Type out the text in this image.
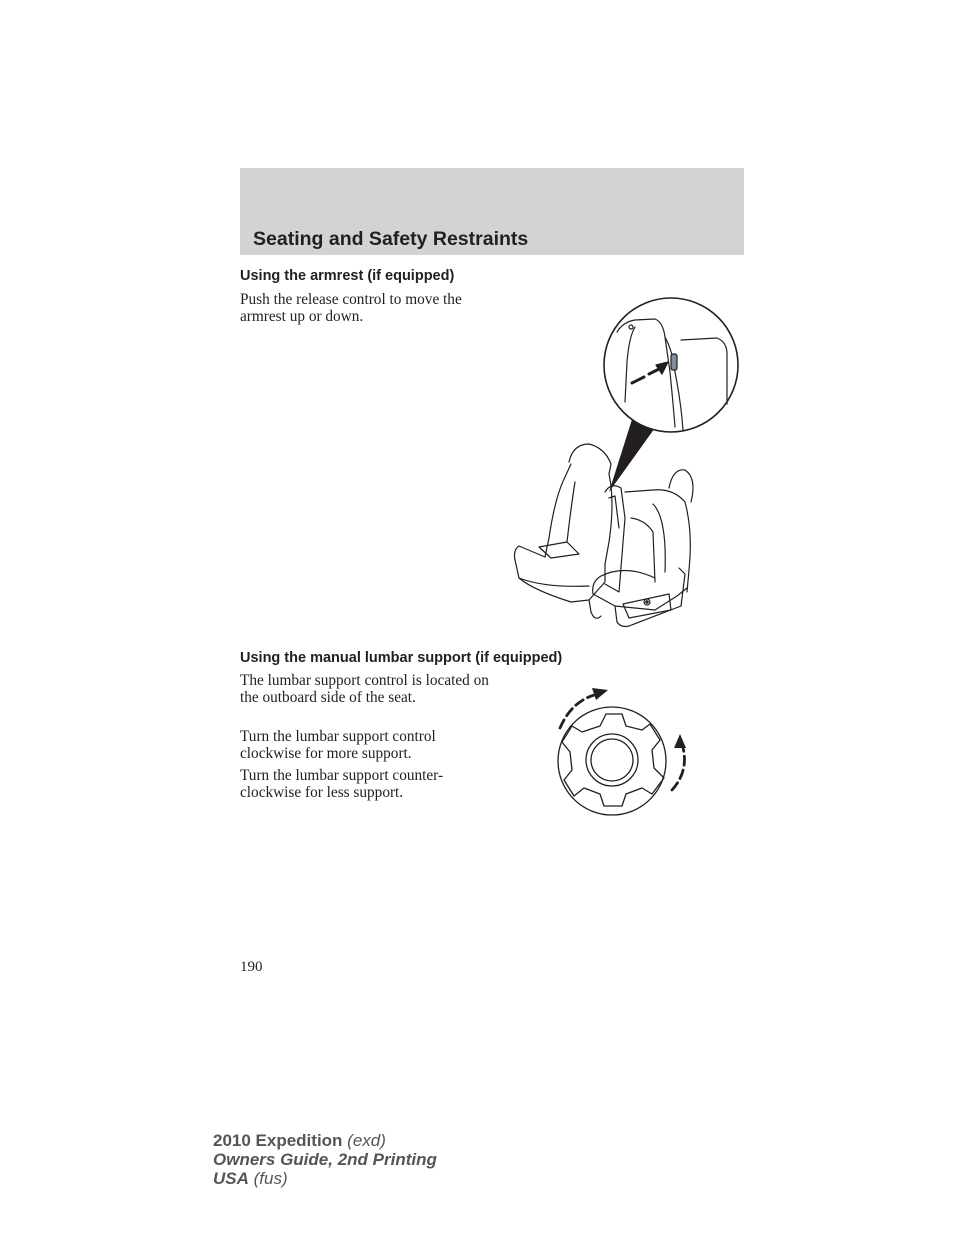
Seating and Safety Restraints
Using the armrest (if equipped)

Push the release control to move the armrest up or down.

Using the manual lumbar support (if equipped)

The lumbar support control is located on the outboard side of the seat.

Turn the lumbar support control clockwise for more support.

Turn the lumbar support counter-clockwise for less support.

190

2010 Expedition (exd)
Owners Guide, 2nd Printing
USA (fus)
